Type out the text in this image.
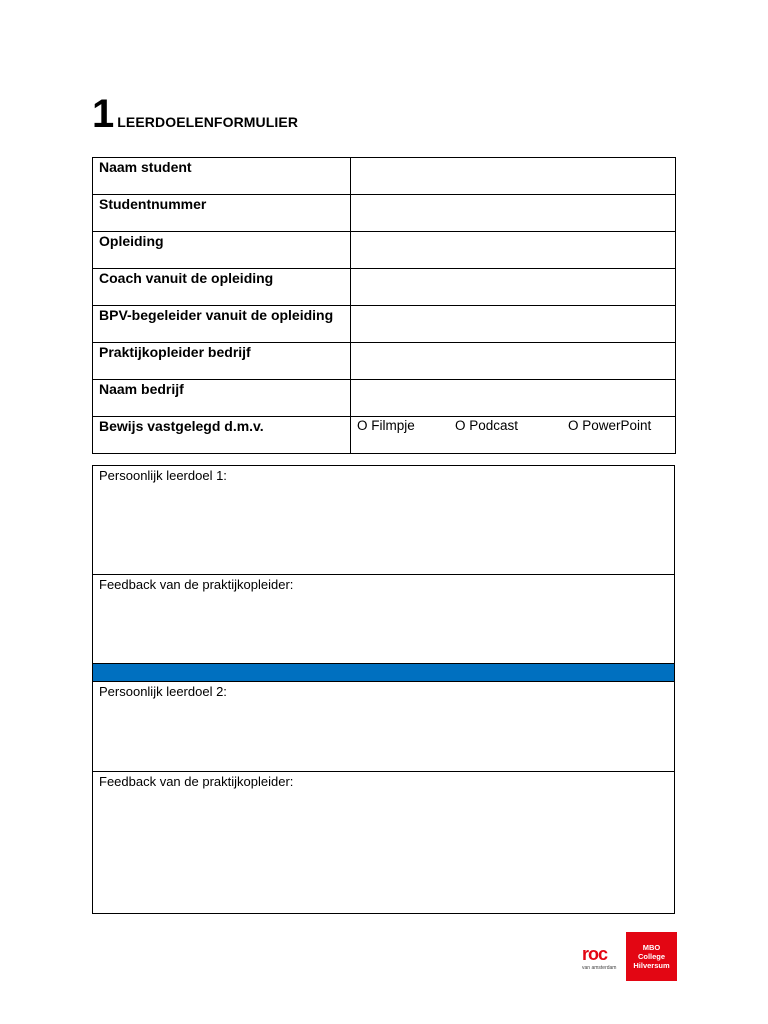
1 LEERDOELENFORMULIER
Naam student	
Studentnummer	
Opleiding	
Coach vanuit de opleiding	
BPV-begeleider vanuit de opleiding	
Praktijkopleider bedrijf	
Naam bedrijf	
Bewijs vastgelegd d.m.v.	O Filmpje O Podcast O PowerPoint
Persoonlijk leerdoel 1:
Feedback van de praktijkopleider:
Persoonlijk leerdoel 2:
Feedback van de praktijkopleider:
roc
van amsterdam
MBO
College
Hilversum
